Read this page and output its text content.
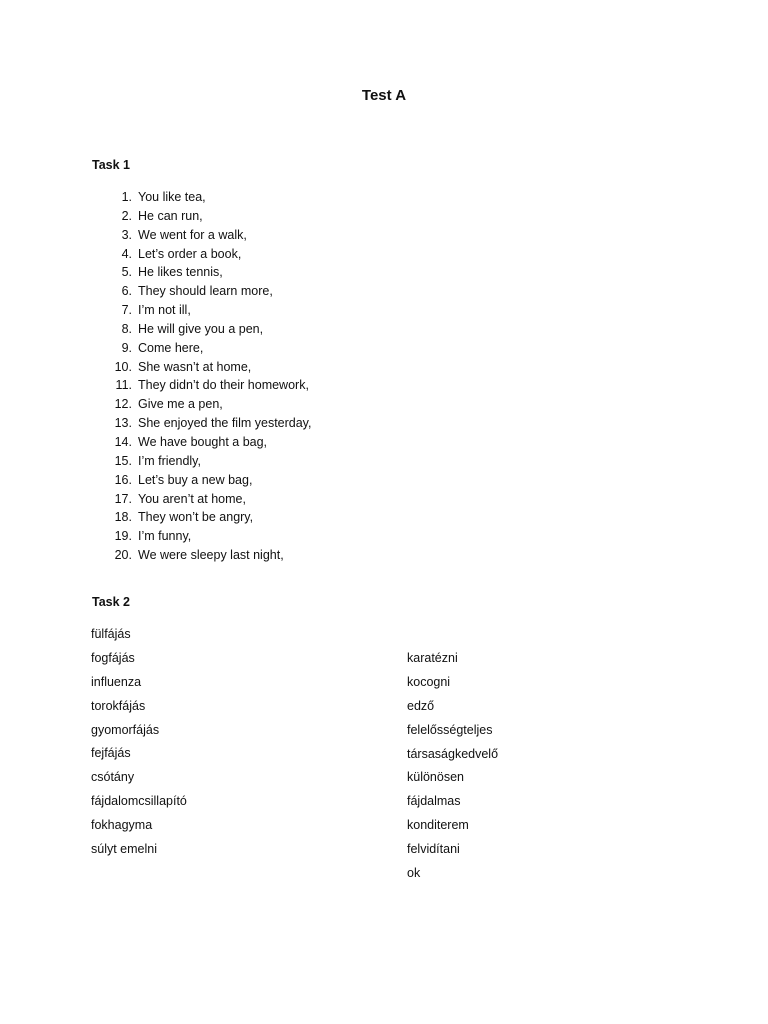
Test A
Task 1
1. You like tea,
2. He can run,
3. We went for a walk,
4. Let’s order a book,
5. He likes tennis,
6. They should learn more,
7. I’m not ill,
8. He will give you a pen,
9. Come here,
10. She wasn’t at home,
11. They didn’t do their homework,
12. Give me a pen,
13. She enjoyed the film yesterday,
14. We have bought a bag,
15. I’m friendly,
16. Let’s buy a new bag,
17. You aren’t at home,
18. They won’t be angry,
19. I’m funny,
20. We were sleepy last night,
Task 2
fülfájás
fogfájás
influenza
torokfájás
gyomorfájás
fejfájás
csótány
fájdalomcsillapító
fokhagyma
súlyt emelni
karatézni
kocogni
edző
felelősségteljes
társaságkedvelő
különösen
fájdalmas
konditerem
felvidítani
ok
